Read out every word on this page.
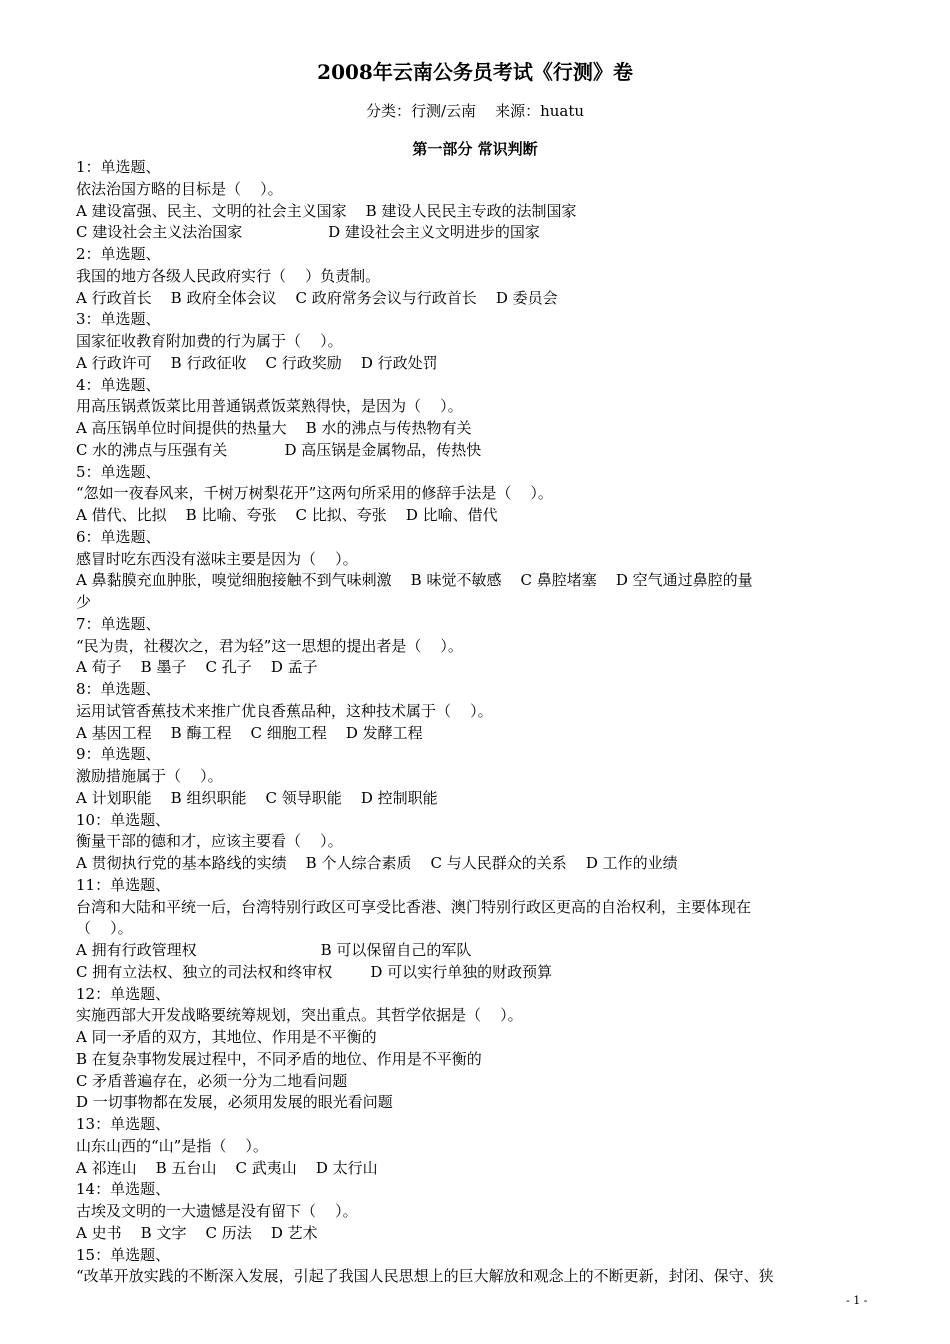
2008年云南公务员考试《行测》卷
分类：行测/云南    来源：huatu
第一部分 常识判断
1：单选题、
依法治国方略的目标是（    ）。
A 建设富强、民主、文明的社会主义国家    B 建设人民民主专政的法制国家
C 建设社会主义法治国家                  D 建设社会主义文明进步的国家
2：单选题、
我国的地方各级人民政府实行（    ）负责制。
A 行政首长    B 政府全体会议    C 政府常务会议与行政首长    D 委员会
3：单选题、
国家征收教育附加费的行为属于（    ）。
A 行政许可    B 行政征收    C 行政奖励    D 行政处罚
4：单选题、
用高压锅煮饭菜比用普通锅煮饭菜熟得快，是因为（    ）。
A 高压锅单位时间提供的热量大    B 水的沸点与传热物有关
C 水的沸点与压强有关            D 高压锅是金属物品，传热快
5：单选题、
“忽如一夜春风来，千树万树梨花开”这两句所采用的修辞手法是（    ）。
A 借代、比拟    B 比喻、夸张    C 比拟、夸张    D 比喻、借代
6：单选题、
感冒时吃东西没有滋味主要是因为（    ）。
A 鼻黏膜充血肿胀，嗅觉细胞接触不到气味刺激    B 味觉不敏感    C 鼻腔堵塞    D 空气通过鼻腔的量
少
7：单选题、
“民为贵，社稷次之，君为轻”这一思想的提出者是（    ）。
A 荀子    B 墨子    C 孔子    D 孟子
8：单选题、
运用试管香蕉技术来推广优良香蕉品种，这种技术属于（    ）。
A 基因工程    B 酶工程    C 细胞工程    D 发酵工程
9：单选题、
激励措施属于（    ）。
A 计划职能    B 组织职能    C 领导职能    D 控制职能
10：单选题、
衡量干部的德和才，应该主要看（    ）。
A 贯彻执行党的基本路线的实绩    B 个人综合素质    C 与人民群众的关系    D 工作的业绩
11：单选题、
台湾和大陆和平统一后，台湾特别行政区可享受比香港、澳门特别行政区更高的自治权利，主要体现在
（    ）。
A 拥有行政管理权                          B 可以保留自己的军队
C 拥有立法权、独立的司法权和终审权        D 可以实行单独的财政预算
12：单选题、
实施西部大开发战略要统筹规划，突出重点。其哲学依据是（    ）。
A 同一矛盾的双方，其地位、作用是不平衡的
B 在复杂事物发展过程中，不同矛盾的地位、作用是不平衡的
C 矛盾普遍存在，必须一分为二地看问题
D 一切事物都在发展，必须用发展的眼光看问题
13：单选题、
山东山西的“山”是指（    ）。
A 祁连山    B 五台山    C 武夷山    D 太行山
14：单选题、
古埃及文明的一大遗憾是没有留下（    ）。
A 史书    B 文字    C 历法    D 艺术
15：单选题、
“改革开放实践的不断深入发展，引起了我国人民思想上的巨大解放和观念上的不断更新，封闭、保守、狭
- 1 -
